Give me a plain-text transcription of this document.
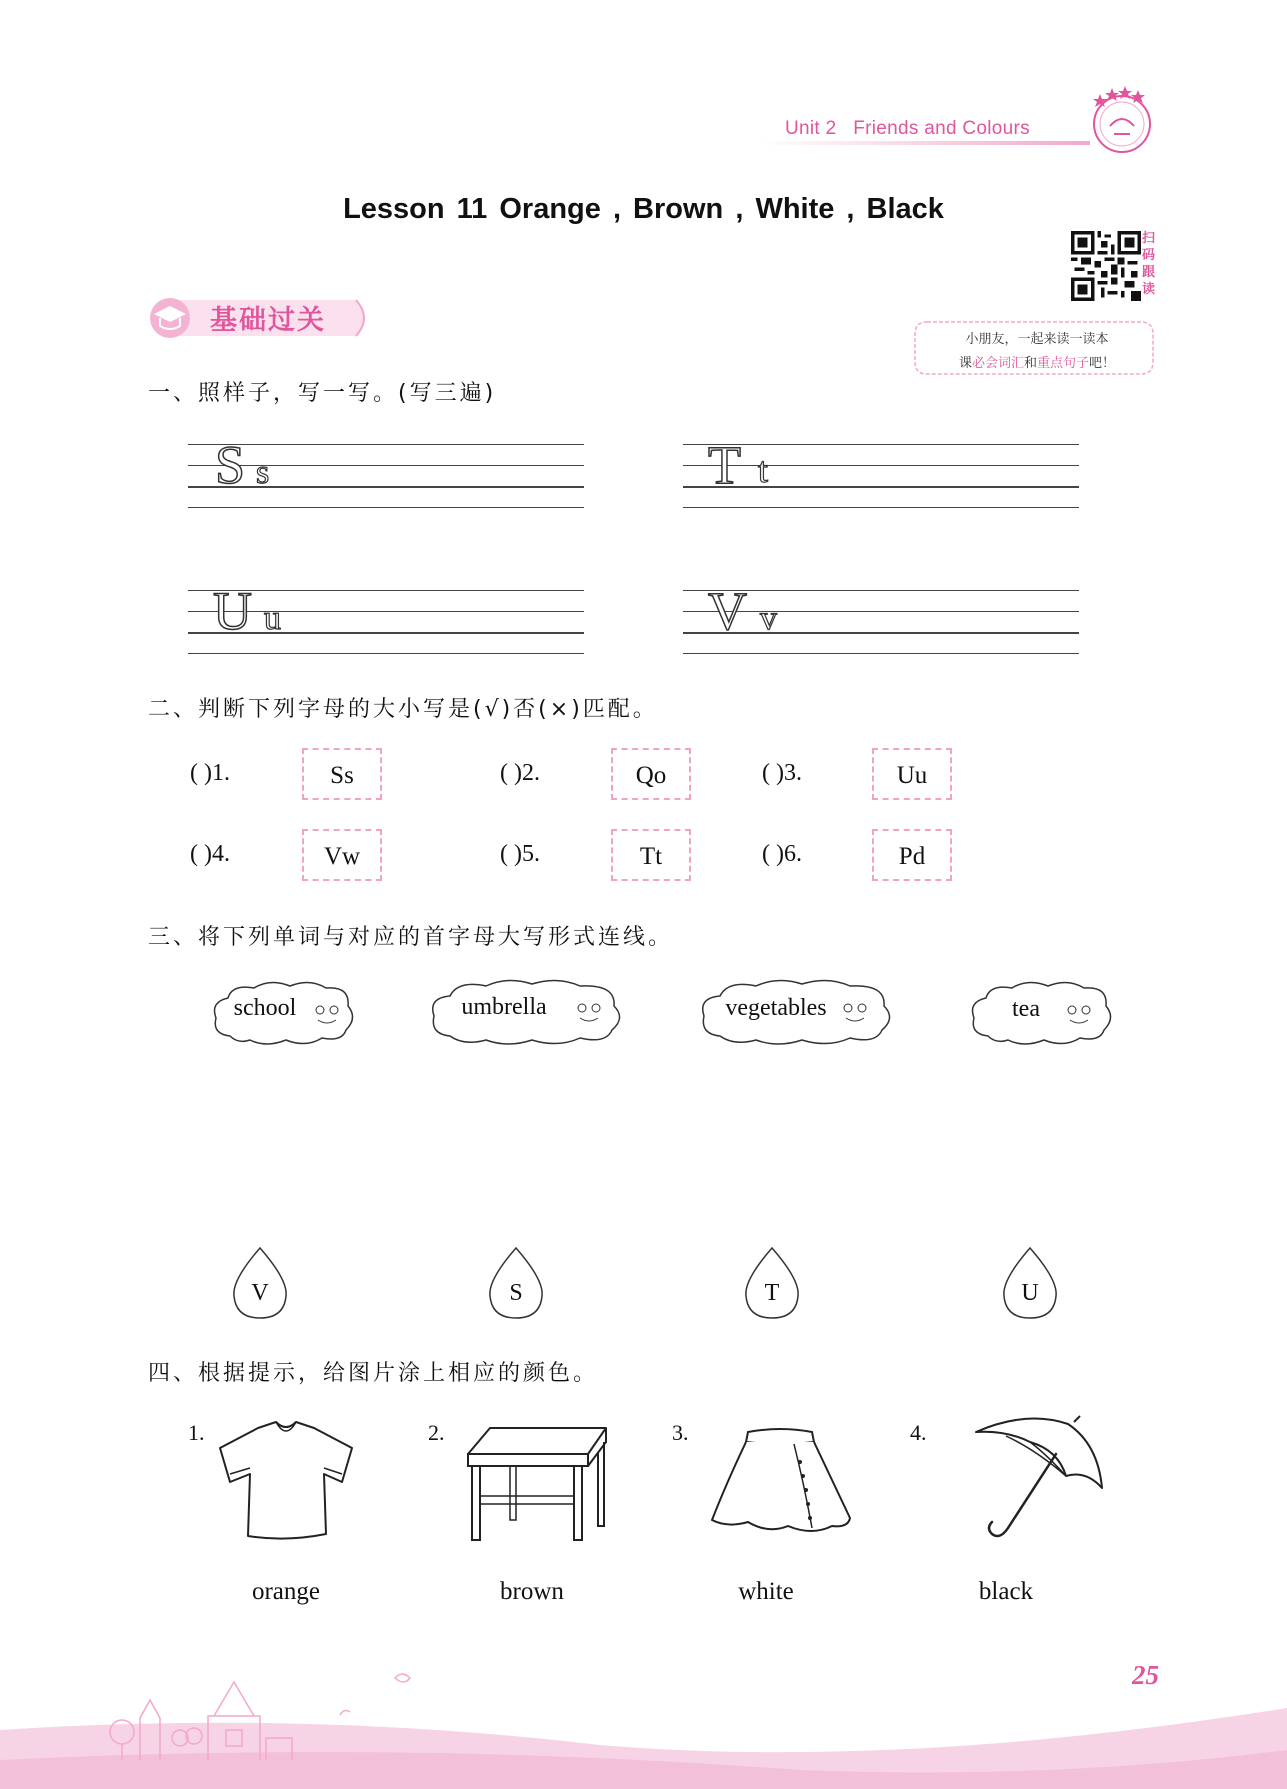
Unit 2 Friends and Colours
Lesson 11 Orange , Brown , White , Black
扫
码
跟
读
小朋友，一起来读一读本
课必会词汇和重点句子吧！
基础过关
一、照样子，写一写。(写三遍)
S s	T t
U u	V v
二、判断下列字母的大小写是(√)否(×)匹配。
( )1.	Ss	( )2.	Qo	( )3.	Uu
( )4.	Vw	( )5.	Tt	( )6.	Pd
三、将下列单词与对应的首字母大写形式连线。
school	umbrella	vegetables	tea
V	S	T	U
四、根据提示，给图片涂上相应的颜色。
1.
orange
2.
brown
3.
white
4.
black
25
